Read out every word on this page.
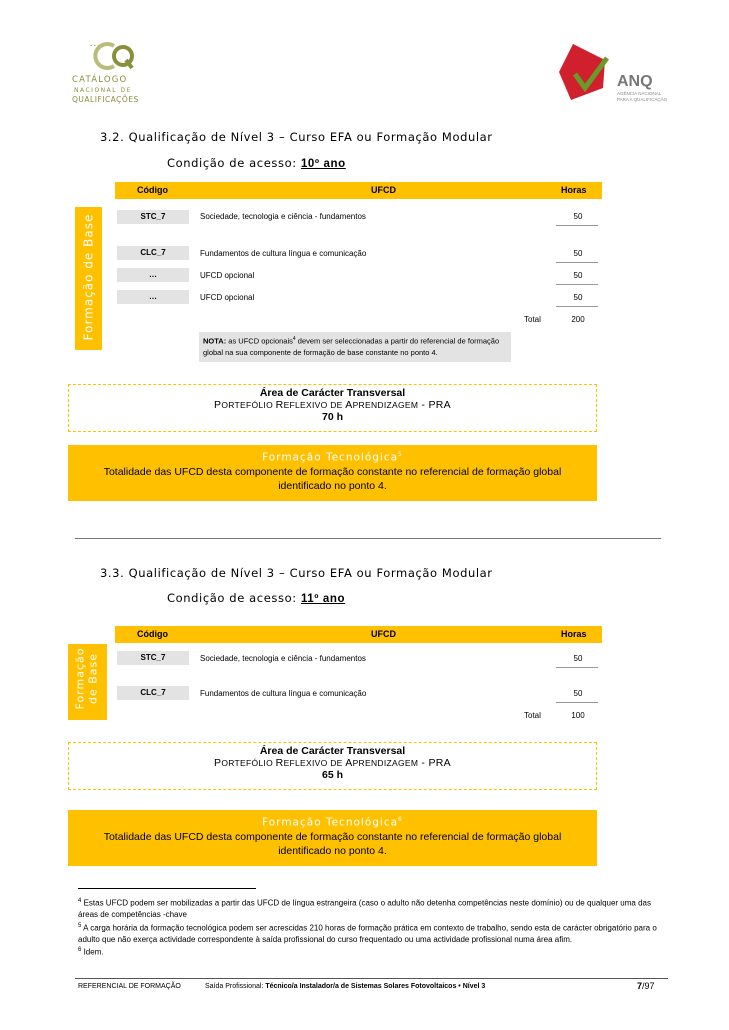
• • •
CATÁLOGO
NACIONAL DE
QUALIFICAÇÕES
ANQ
AGÊNCIA NACIONAL
PARA A QUALIFICAÇÃO
3.2. Qualificação de Nível 3 – Curso EFA ou Formação Modular
Condição de acesso: 10º ano
Código	UFCD	Horas
Formação de Base	STC_7	Sociedade, tecnologia e ciência - fundamentos	50
CLC_7	Fundamentos de cultura língua e comunicação	50
…	UFCD opcional	50
…	UFCD opcional	50
Total	200
NOTA: as UFCD opcionais$^4$ devem ser seleccionadas a partir do referencial de formação global na sua componente de formação de base constante no ponto 4.
Área de Carácter Transversal
PORTEFÓLIO REFLEXIVO DE APRENDIZAGEM - PRA
70 h
Formação Tecnológica$^5$
Totalidade das UFCD desta componente de formação constante no referencial de formação global identificado no ponto 4.
3.3. Qualificação de Nível 3 – Curso EFA ou Formação Modular
Condição de acesso: 11º ano
Código	UFCD	Horas
Formação de Base	STC_7	Sociedade, tecnologia e ciência - fundamentos	50
CLC_7	Fundamentos de cultura língua e comunicação	50
Total	100
Área de Carácter Transversal
PORTEFÓLIO REFLEXIVO DE APRENDIZAGEM - PRA
65 h
Formação Tecnológica$^6$
Totalidade das UFCD desta componente de formação constante no referencial de formação global identificado no ponto 4.
$^4$ Estas UFCD podem ser mobilizadas a partir das UFCD de língua estrangeira (caso o adulto não detenha competências neste domínio) ou de qualquer uma das áreas de competências -chave
$^5$ A carga horária da formação tecnológica podem ser acrescidas 210 horas de formação prática em contexto de trabalho, sendo esta de carácter obrigatório para o adulto que não exerça actividade correspondente à saída profissional do curso frequentado ou uma actividade profissional numa área afim.
$^6$ Idem.
REFERENCIAL DE FORMAÇÃO	Saída Profissional: Técnico/a Instalador/a de Sistemas Solares Fotovoltaicos • Nível 3	7/97
